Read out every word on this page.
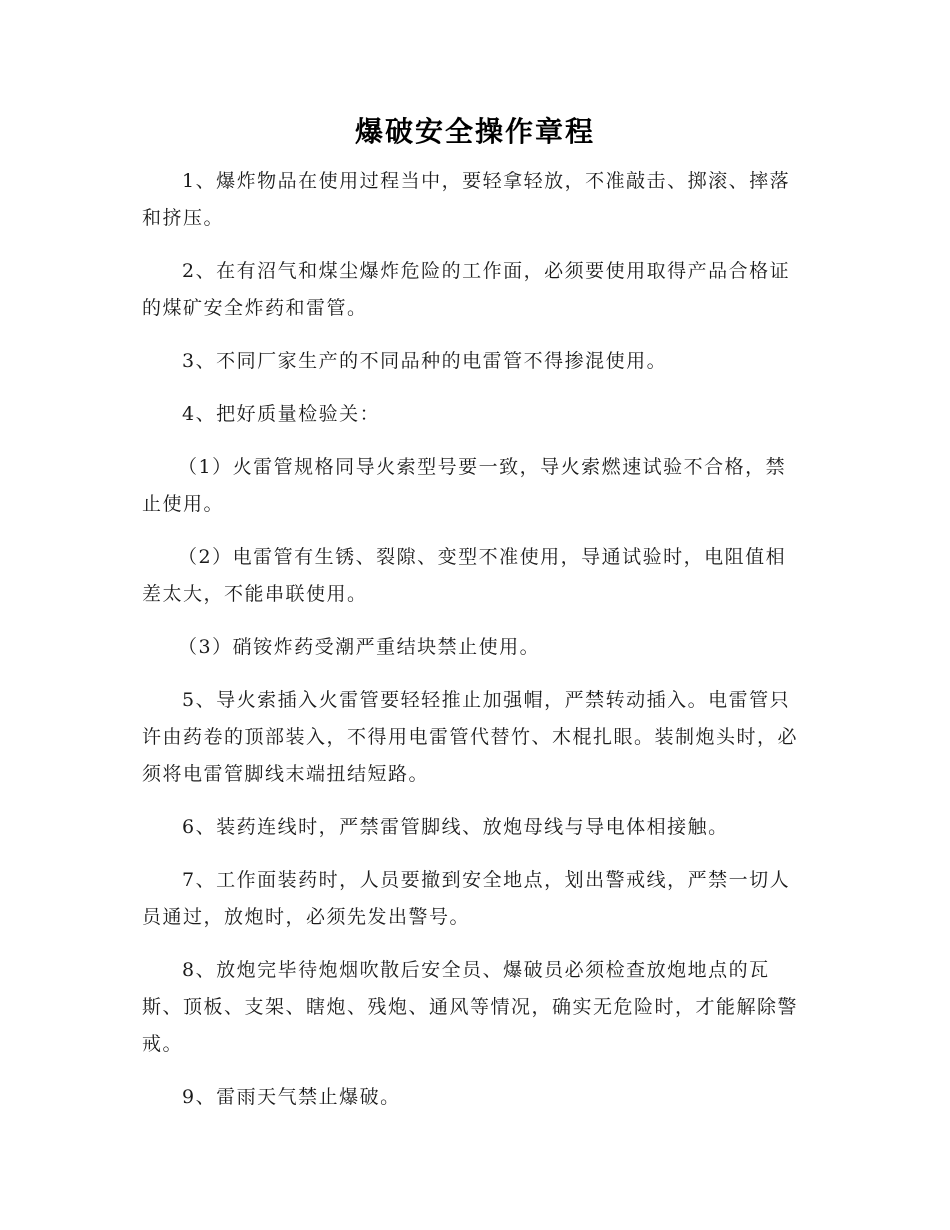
爆破安全操作章程

1、爆炸物品在使用过程当中，要轻拿轻放，不准敲击、掷滚、摔落和挤压。

2、在有沼气和煤尘爆炸危险的工作面，必须要使用取得产品合格证的煤矿安全炸药和雷管。

3、不同厂家生产的不同品种的电雷管不得掺混使用。

4、把好质量检验关：

（1）火雷管规格同导火索型号要一致，导火索燃速试验不合格，禁止使用。

（2）电雷管有生锈、裂隙、变型不准使用，导通试验时，电阻值相差太大，不能串联使用。

（3）硝铵炸药受潮严重结块禁止使用。

5、导火索插入火雷管要轻轻推止加强帽，严禁转动插入。电雷管只许由药卷的顶部装入，不得用电雷管代替竹、木棍扎眼。装制炮头时，必须将电雷管脚线末端扭结短路。

6、装药连线时，严禁雷管脚线、放炮母线与导电体相接触。

7、工作面装药时，人员要撤到安全地点，划出警戒线，严禁一切人员通过，放炮时，必须先发出警号。

8、放炮完毕待炮烟吹散后安全员、爆破员必须检查放炮地点的瓦斯、顶板、支架、瞎炮、残炮、通风等情况，确实无危险时，才能解除警戒。

9、雷雨天气禁止爆破。
